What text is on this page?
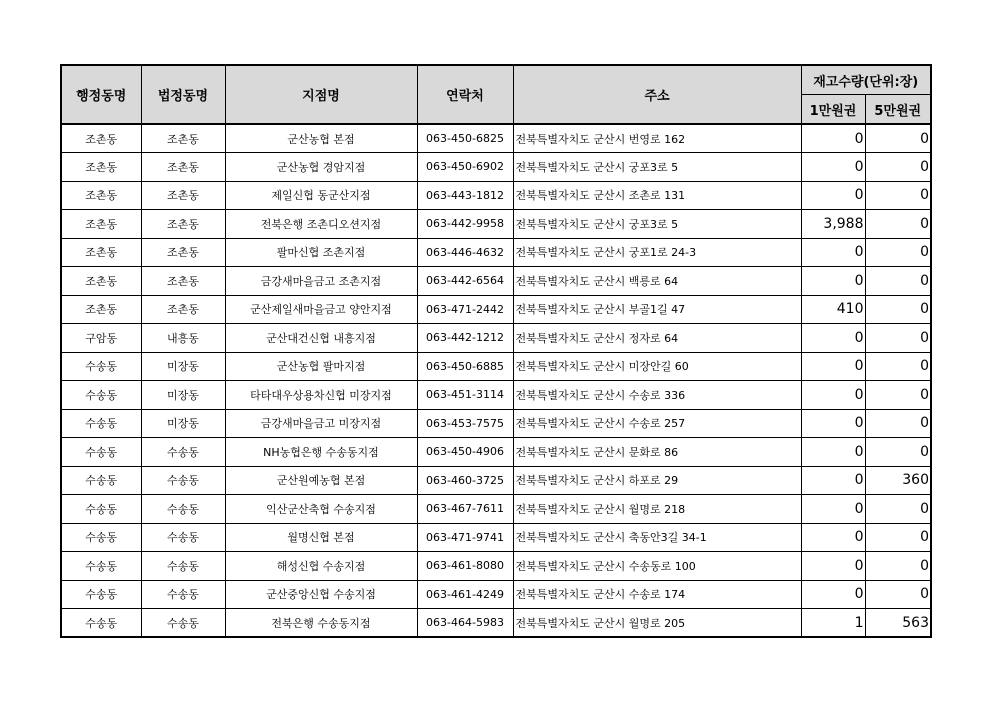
행정동명	법정동명	지점명	연락처	주소	재고수량(단위:장)	
					1만원권	5만원권
조촌동	조촌동	군산농협 본점	063-450-6825	전북특별자치도 군산시 번영로 162	0	0
조촌동	조촌동	군산농협 경암지점	063-450-6902	전북특별자치도 군산시 궁포3로 5	0	0
조촌동	조촌동	제일신협 동군산지점	063-443-1812	전북특별자치도 군산시 조촌로 131	0	0
조촌동	조촌동	전북은행 조촌디오션지점	063-442-9958	전북특별자치도 군산시 궁포3로 5	3,988	0
조촌동	조촌동	팔마신협 조촌지점	063-446-4632	전북특별자치도 군산시 궁포1로 24-3	0	0
조촌동	조촌동	금강새마을금고 조촌지점	063-442-6564	전북특별자치도 군산시 백릉로 64	0	0
조촌동	조촌동	군산제일새마을금고 양안지점	063-471-2442	전북특별자치도 군산시 부골1길 47	410	0
구암동	내흥동	군산대건신협 내흥지점	063-442-1212	전북특별자치도 군산시 정자로 64	0	0
수송동	미장동	군산농협 팔마지점	063-450-6885	전북특별자치도 군산시 미장안길 60	0	0
수송동	미장동	타타대우상용차신협 미장지점	063-451-3114	전북특별자치도 군산시 수송로 336	0	0
수송동	미장동	금강새마을금고 미장지점	063-453-7575	전북특별자치도 군산시 수송로 257	0	0
수송동	수송동	NH농협은행 수송동지점	063-450-4906	전북특별자치도 군산시 문화로 86	0	0
수송동	수송동	군산원예농협 본점	063-460-3725	전북특별자치도 군산시 하포로 29	0	360
수송동	수송동	익산군산축협 수송지점	063-467-7611	전북특별자치도 군산시 월명로 218	0	0
수송동	수송동	월명신협 본점	063-471-9741	전북특별자치도 군산시 축동안3길 34-1	0	0
수송동	수송동	해성신협 수송지점	063-461-8080	전북특별자치도 군산시 수송동로 100	0	0
수송동	수송동	군산중앙신협 수송지점	063-461-4249	전북특별자치도 군산시 수송로 174	0	0
수송동	수송동	전북은행 수송동지점	063-464-5983	전북특별자치도 군산시 월명로 205	1	563
